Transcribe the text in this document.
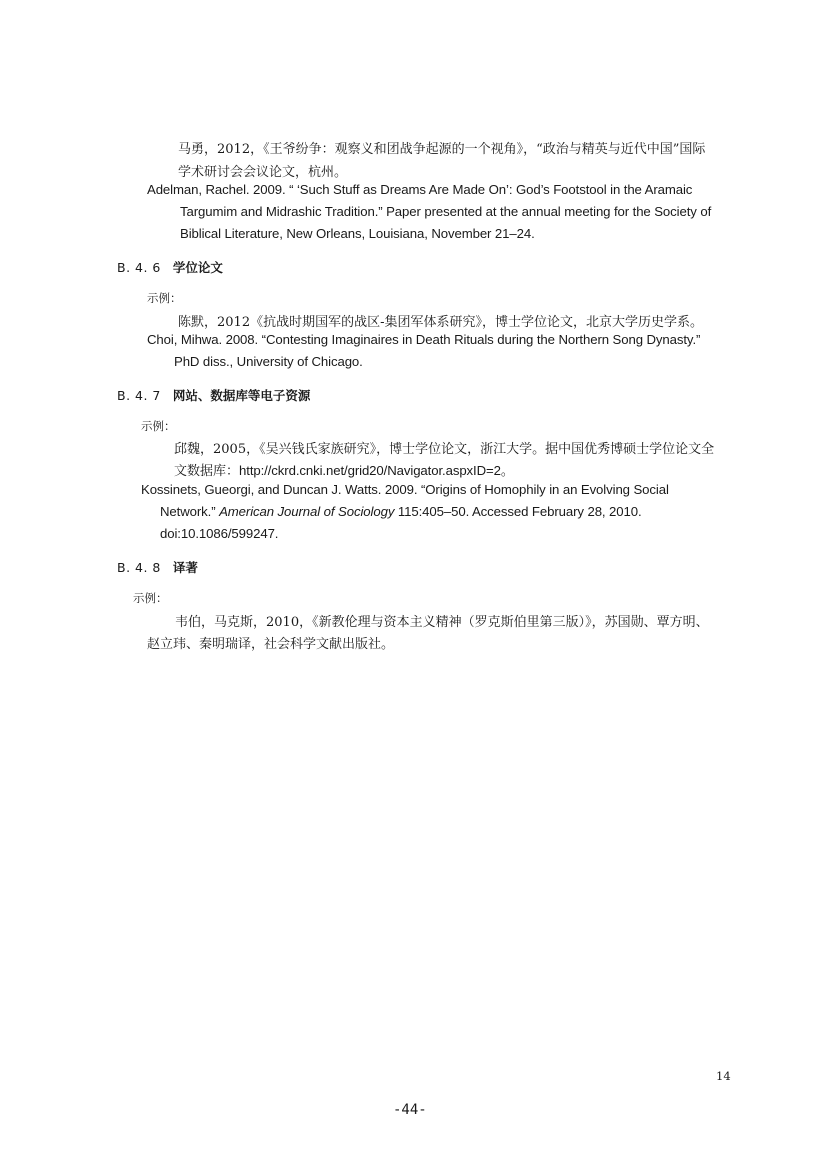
马勇，2012，《王爷纷争：观察义和团战争起源的一个视角》，“政治与精英与近代中国”国际
学术研讨会会议论文，杭州。
Adelman, Rachel. 2009. “ ‘Such Stuff as Dreams Are Made On’: God’s Footstool in the Aramaic
Targumim and Midrashic Tradition.” Paper presented at the annual meeting for the Society of
Biblical Literature, New Orleans, Louisiana, November 21–24.
B. 4. 6 学位论文
示例：
陈默，2012《抗战时期国军的战区-集团军体系研究》，博士学位论文，北京大学历史学系。
Choi, Mihwa. 2008. “Contesting Imaginaires in Death Rituals during the Northern Song Dynasty.”
PhD diss., University of Chicago.
B. 4. 7 网站、数据库等电子资源
示例：
邱魏，2005，《吴兴钱氏家族研究》，博士学位论文，浙江大学。据中国优秀博硕士学位论文全
文数据库：http://ckrd.cnki.net/grid20/Navigator.aspxID=2。
Kossinets, Gueorgi, and Duncan J. Watts. 2009. “Origins of Homophily in an Evolving Social
Network.” American Journal of Sociology 115:405–50. Accessed February 28, 2010.
doi:10.1086/599247.
B. 4. 8 译著
示例：
韦伯，马克斯，2010，《新教伦理与资本主义精神（罗克斯伯里第三版）》，苏国勋、覃方明、
赵立玮、秦明瑞译，社会科学文献出版社。
14
-44-
